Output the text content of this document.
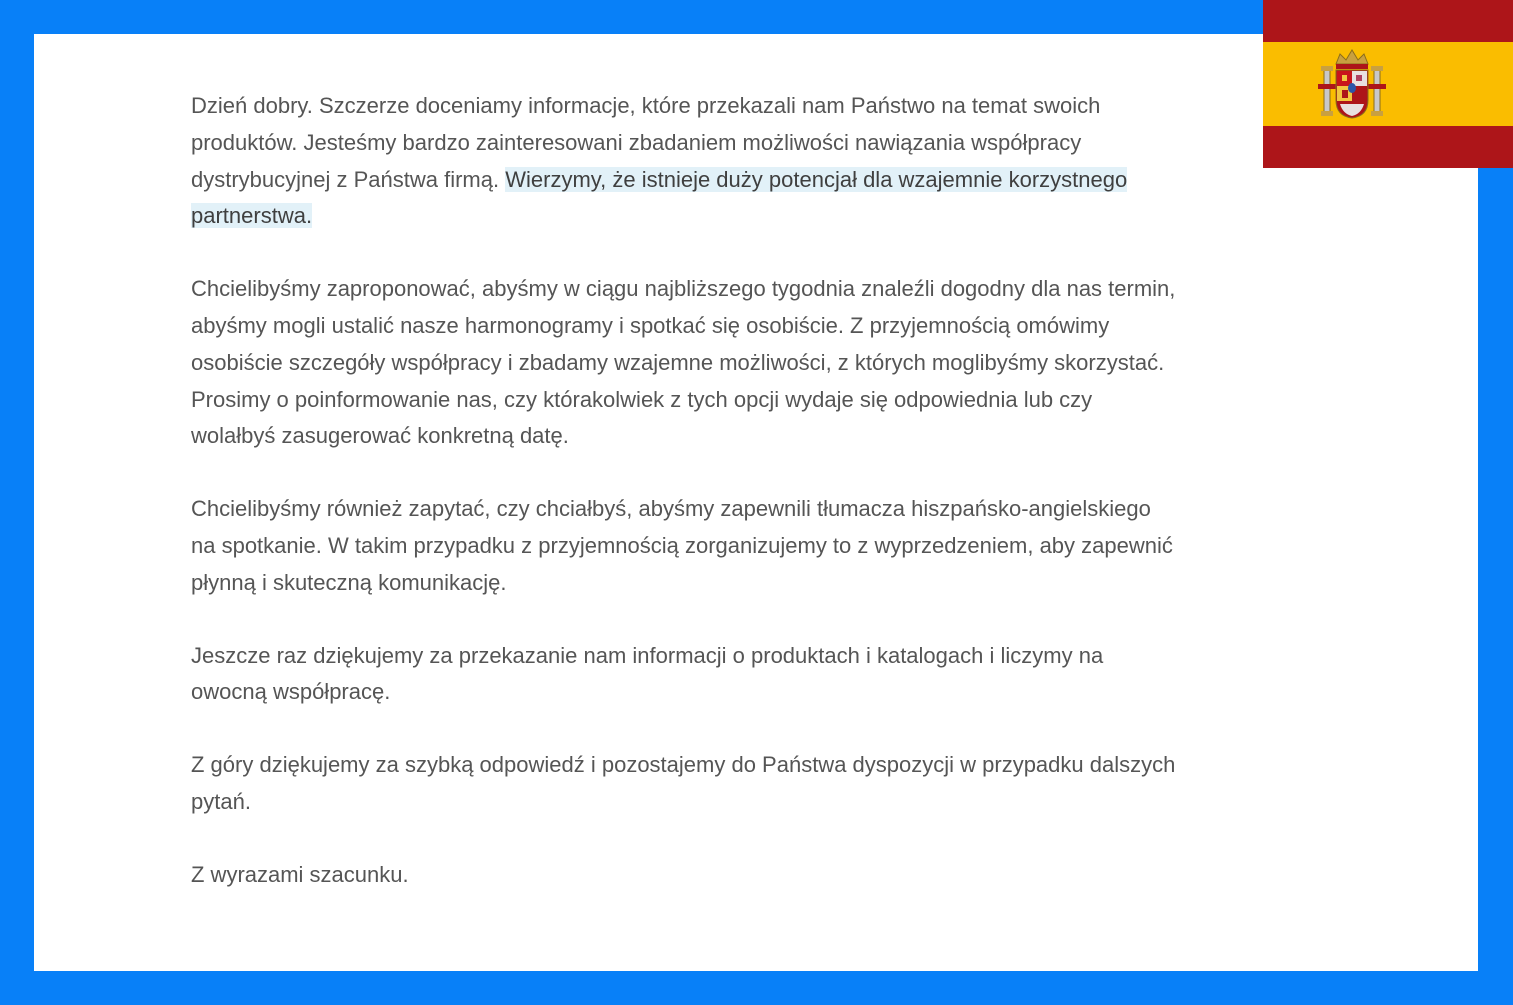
Dzień dobry. Szczerze doceniamy informacje, które przekazali nam Państwo na temat swoich produktów. Jesteśmy bardzo zainteresowani zbadaniem możliwości nawiązania współpracy dystrybucyjnej z Państwa firmą. Wierzymy, że istnieje duży potencjał dla wzajemnie korzystnego partnerstwa.

Chcielibyśmy zaproponować, abyśmy w ciągu najbliższego tygodnia znaleźli dogodny dla nas termin, abyśmy mogli ustalić nasze harmonogramy i spotkać się osobiście. Z przyjemnością omówimy osobiście szczegóły współpracy i zbadamy wzajemne możliwości, z których moglibyśmy skorzystać. Prosimy o poinformowanie nas, czy którakolwiek z tych opcji wydaje się odpowiednia lub czy wolałbyś zasugerować konkretną datę.

Chcielibyśmy również zapytać, czy chciałbyś, abyśmy zapewnili tłumacza hiszpańsko-angielskiego na spotkanie. W takim przypadku z przyjemnością zorganizujemy to z wyprzedzeniem, aby zapewnić płynną i skuteczną komunikację.

Jeszcze raz dziękujemy za przekazanie nam informacji o produktach i katalogach i liczymy na owocną współpracę.

Z góry dziękujemy za szybką odpowiedź i pozostajemy do Państwa dyspozycji w przypadku dalszych pytań.

Z wyrazami szacunku.
